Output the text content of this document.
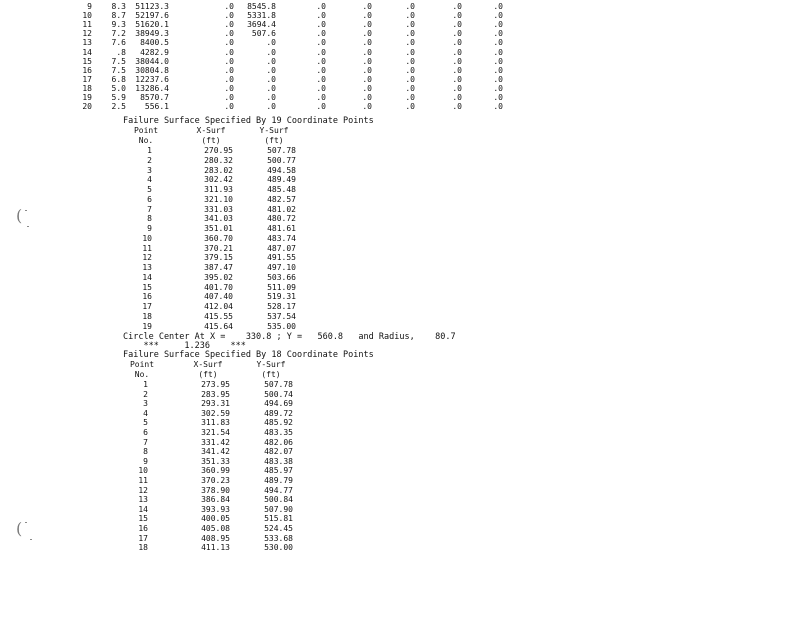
9	8.3	51123.3	.0	8545.8	.0	.0	.0	.0	.0
10	8.7	52197.6	.0	5331.8	.0	.0	.0	.0	.0
11	9.3	51620.1	.0	3694.4	.0	.0	.0	.0	.0
12	7.2	38949.3	.0	507.6	.0	.0	.0	.0	.0
13	7.6	8400.5	.0	.0	.0	.0	.0	.0	.0
14	.8	4282.9	.0	.0	.0	.0	.0	.0	.0
15	7.5	38044.0	.0	.0	.0	.0	.0	.0	.0
16	7.5	30804.8	.0	.0	.0	.0	.0	.0	.0
17	6.8	12237.6	.0	.0	.0	.0	.0	.0	.0
18	5.0	13286.4	.0	.0	.0	.0	.0	.0	.0
19	5.9	8570.7	.0	.0	.0	.0	.0	.0	.0
20	2.5	556.1	.0	.0	.0	.0	.0	.0	.0
Failure Surface Specified By 19 Coordinate Points
Point	X-Surf	Y-Surf
No.	(ft)	(ft)
1	270.95	507.78
2	280.32	500.77
3	283.02	494.58
4	302.42	489.49
5	311.93	485.48
6	321.10	482.57
7	331.03	481.02
8	341.03	480.72
9	351.01	481.61
10	360.70	483.74
11	370.21	487.07
12	379.15	491.55
13	387.47	497.10
14	395.02	503.66
15	401.70	511.09
16	407.40	519.31
17	412.04	528.17
18	415.55	537.54
19	415.64	535.00
Circle Center At X =    330.8 ; Y =   560.8   and Radius,    80.7
***     1.236    ***
Failure Surface Specified By 18 Coordinate Points
Point	X-Surf	Y-Surf
No.	(ft)	(ft)
1	273.95	507.78
2	283.95	500.74
3	293.31	494.69
4	302.59	489.72
5	311.83	485.92
6	321.54	483.35
7	331.42	482.06
8	341.42	482.07
9	351.33	483.38
10	360.99	485.97
11	370.23	489.79
12	378.90	494.77
13	386.84	500.84
14	393.93	507.90
15	400.05	515.81
16	405.08	524.45
17	408.95	533.68
18	411.13	530.00
(
(
